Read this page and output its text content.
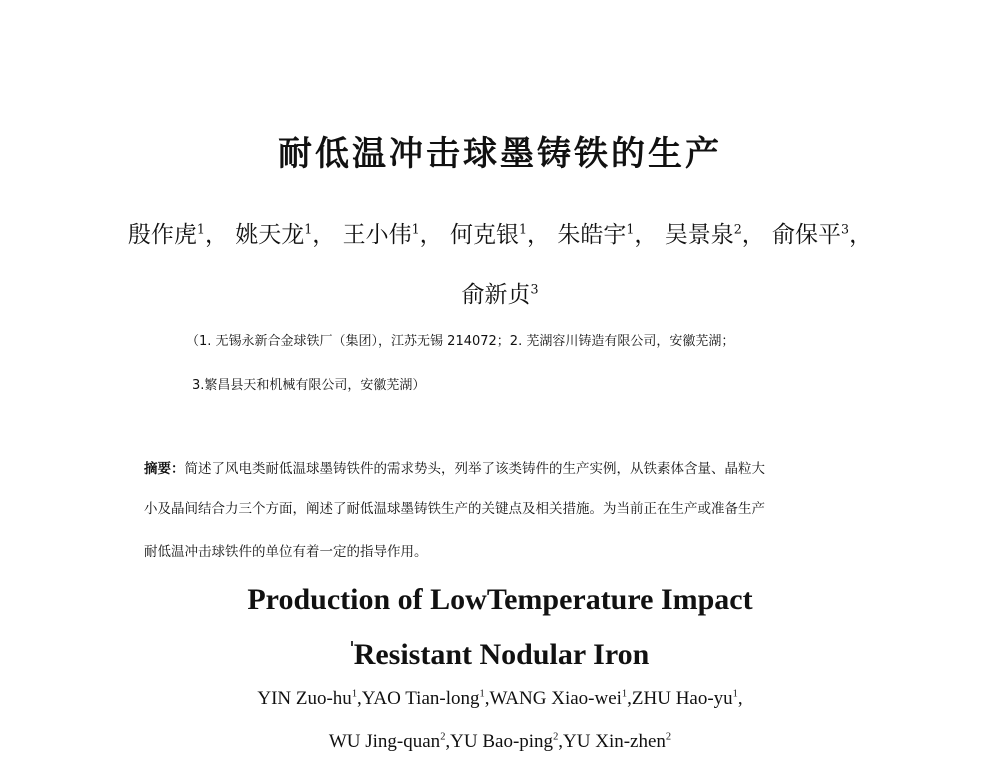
耐低温冲击球墨铸铁的生产
殷作虎$^1$， 姚天龙$^1$， 王小伟$^1$， 何克银$^1$， 朱皓宇$^1$， 吴景泉$^2$， 俞保平$^3$，
俞新贞$^3$
（1. 无锡永新合金球铁厂（集团），江苏无锡 214072；2. 芜湖容川铸造有限公司，安徽芜湖；
3.繁昌县天和机械有限公司，安徽芜湖）
摘要：简述了风电类耐低温球墨铸铁件的需求势头，列举了该类铸件的生产实例，从铁素体含量、晶粒大
小及晶间结合力三个方面，阐述了耐低温球墨铸铁生产的关键点及相关措施。为当前正在生产或准备生产
耐低温冲击球铁件的单位有着一定的指导作用。
Production of LowTemperature Impact
Resistant Nodular Iron
YIN Zuo-$hu^1,YAO$ Tian-long$^1$,WANG Xiao-wei$^1$,ZHU Hao-$yu^1$,
WU Jing-quan$^2$,YU Bao-ping$^2$,YU Xin-zhen$^2$
